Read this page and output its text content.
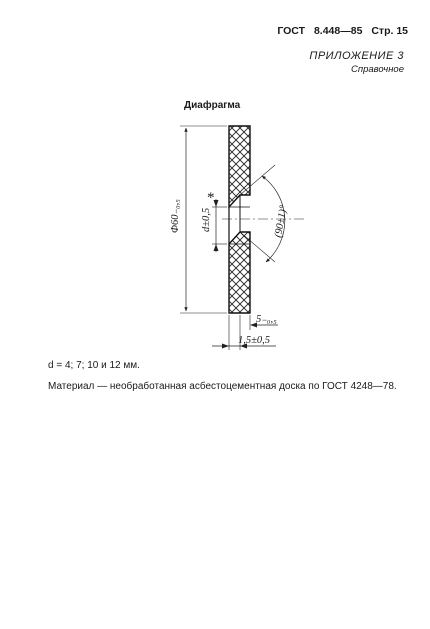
ГОСТ 8.448—85 Стр. 15
ПРИЛОЖЕНИЕ 3
Справочное
Диафрагма
Φ60₋₀,₅ d±0,5
*
(90±1)°
5₋₀,₅
1,5±0,5
d = 4; 7; 10 и 12 мм.
Материал — необработанная асбестоцементная доска по ГОСТ 4248—78.
